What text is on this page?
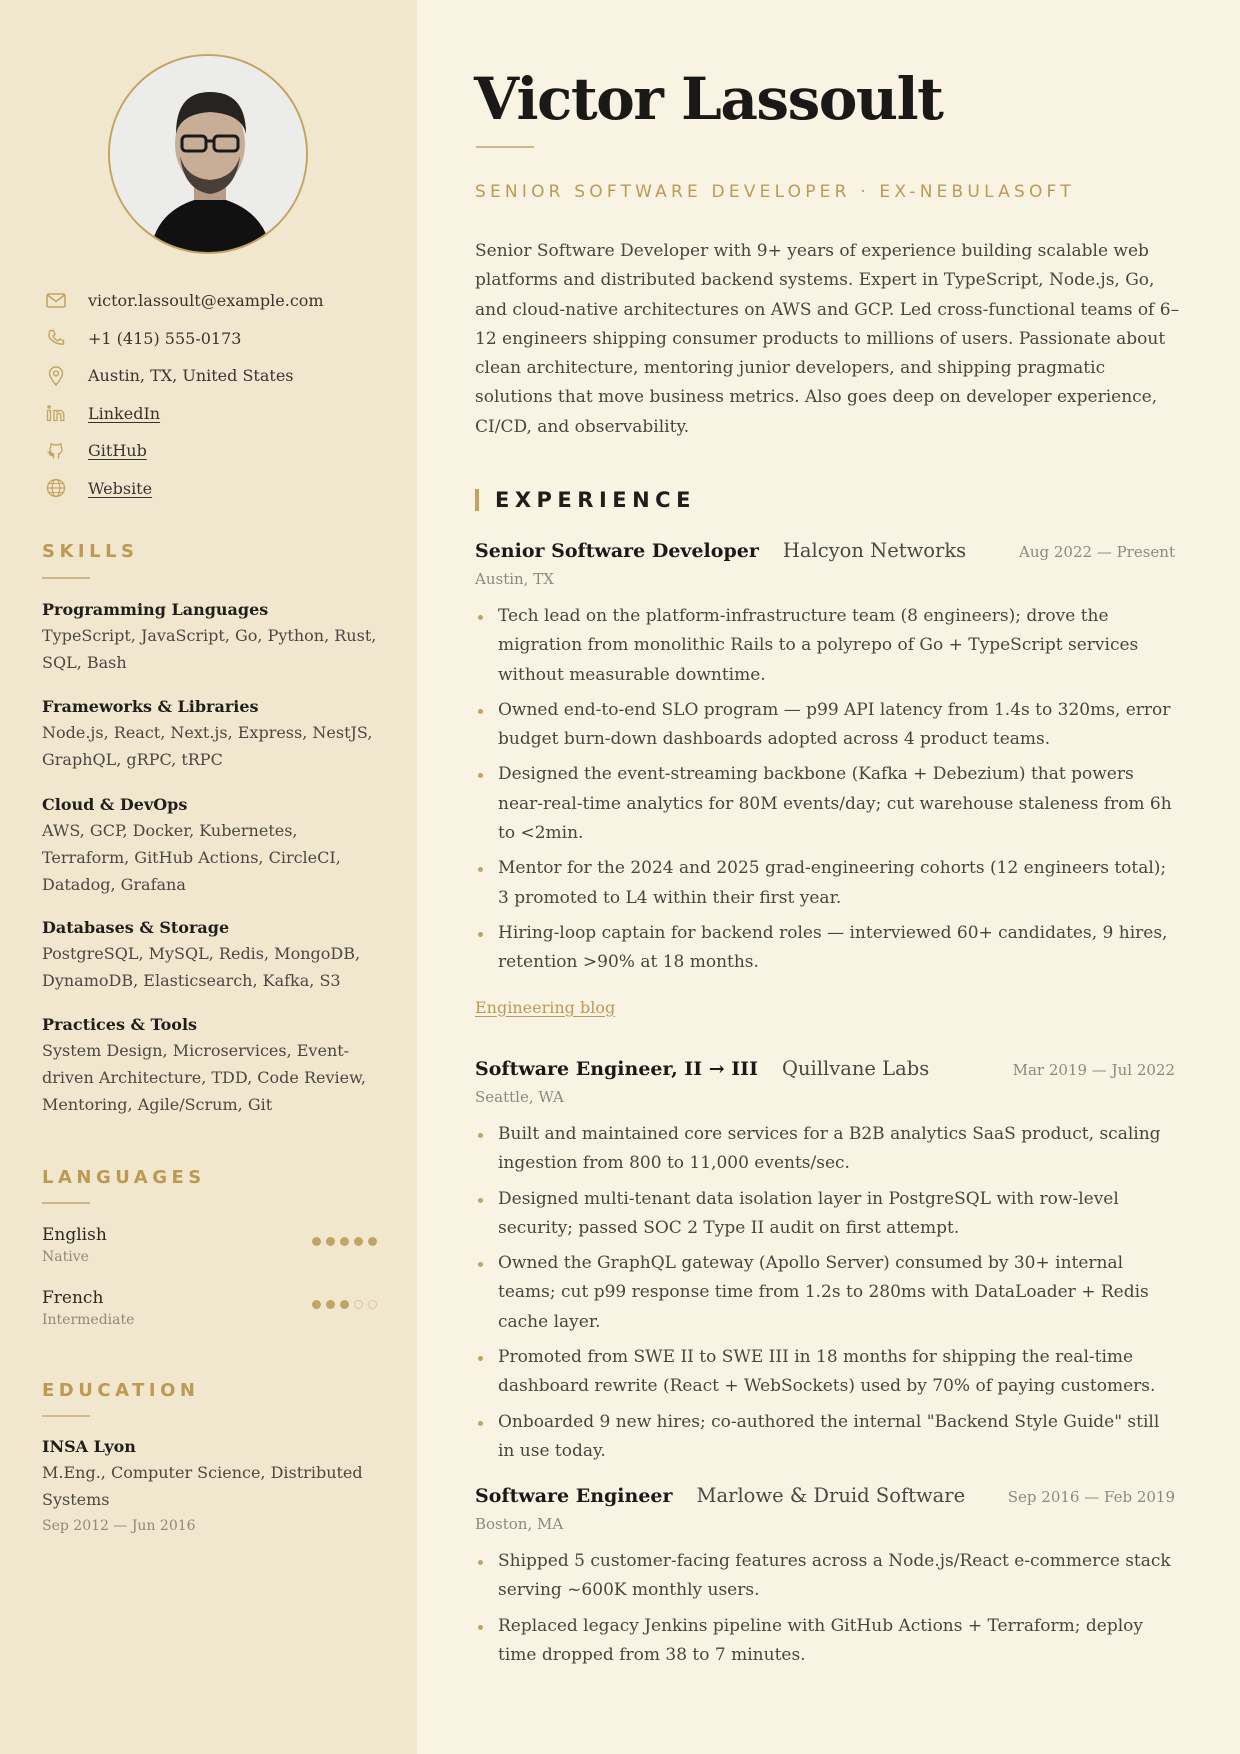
victor.lassoult@example.com
+1 (415) 555-0173
Austin, TX, United States
LinkedIn
GitHub
Website
SKILLS
Programming Languages
TypeScript, JavaScript, Go, Python, Rust, SQL, Bash
Frameworks & Libraries
Node.js, React, Next.js, Express, NestJS, GraphQL, gRPC, tRPC
Cloud & DevOps
AWS, GCP, Docker, Kubernetes, Terraform, GitHub Actions, CircleCI, Datadog, Grafana
Databases & Storage
PostgreSQL, MySQL, Redis, MongoDB, DynamoDB, Elasticsearch, Kafka, S3
Practices & Tools
System Design, Microservices, Event-driven Architecture, TDD, Code Review, Mentoring, Agile/Scrum, Git
LANGUAGES
English
Native
French
Intermediate
EDUCATION
INSA Lyon
M.Eng., Computer Science, Distributed Systems
Sep 2012 — Jun 2016
Victor Lassoult
SENIOR SOFTWARE DEVELOPER · EX-NEBULASOFT

Senior Software Developer with 9+ years of experience building scalable web platforms and distributed backend systems. Expert in TypeScript, Node.js, Go, and cloud-native architectures on AWS and GCP. Led cross-functional teams of 6–12 engineers shipping consumer products to millions of users. Passionate about clean architecture, mentoring junior developers, and shipping pragmatic solutions that move business metrics. Also goes deep on developer experience, CI/CD, and observability.

EXPERIENCE
Senior Software Developer Halcyon Networks	Aug 2022 — Present
Austin, TX
Tech lead on the platform-infrastructure team (8 engineers); drove the migration from monolithic Rails to a polyrepo of Go + TypeScript services without measurable downtime.
Owned end-to-end SLO program — p99 API latency from 1.4s to 320ms, error budget burn-down dashboards adopted across 4 product teams.
Designed the event-streaming backbone (Kafka + Debezium) that powers near-real-time analytics for 80M events/day; cut warehouse staleness from 6h to <2min.
Mentor for the 2024 and 2025 grad-engineering cohorts (12 engineers total); 3 promoted to L4 within their first year.
Hiring-loop captain for backend roles — interviewed 60+ candidates, 9 hires, retention >90% at 18 months.
Engineering blog
Software Engineer, II → III Quillvane Labs	Mar 2019 — Jul 2022
Seattle, WA
Built and maintained core services for a B2B analytics SaaS product, scaling ingestion from 800 to 11,000 events/sec.
Designed multi-tenant data isolation layer in PostgreSQL with row-level security; passed SOC 2 Type II audit on first attempt.
Owned the GraphQL gateway (Apollo Server) consumed by 30+ internal teams; cut p99 response time from 1.2s to 280ms with DataLoader + Redis cache layer.
Promoted from SWE II to SWE III in 18 months for shipping the real-time dashboard rewrite (React + WebSockets) used by 70% of paying customers.
Onboarded 9 new hires; co-authored the internal "Backend Style Guide" still in use today.
Software Engineer Marlowe & Druid Software	Sep 2016 — Feb 2019
Boston, MA
Shipped 5 customer-facing features across a Node.js/React e-commerce stack serving ~600K monthly users.
Replaced legacy Jenkins pipeline with GitHub Actions + Terraform; deploy time dropped from 38 to 7 minutes.
